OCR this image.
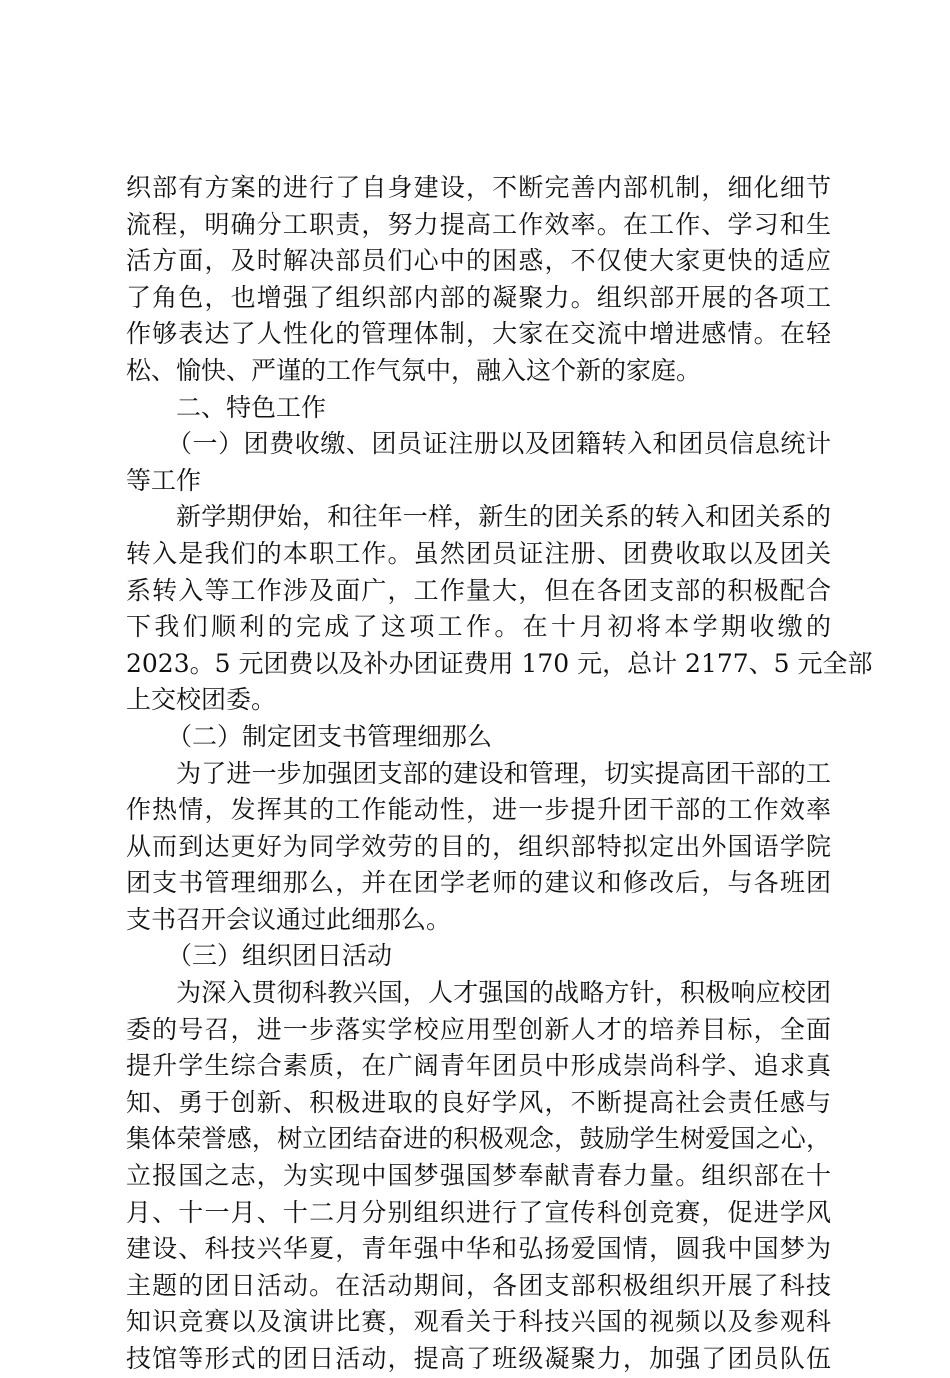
织部有方案的进行了自身建设，不断完善内部机制，细化细节
流程，明确分工职责，努力提高工作效率。在工作、学习和生
活方面，及时解决部员们心中的困惑，不仅使大家更快的适应
了角色，也增强了组织部内部的凝聚力。组织部开展的各项工
作够表达了人性化的管理体制，大家在交流中增进感情。在轻
松、愉快、严谨的工作气氛中，融入这个新的家庭。
二、特色工作
（一）团费收缴、团员证注册以及团籍转入和团员信息统计
等工作
新学期伊始，和往年一样，新生的团关系的转入和团关系的
转入是我们的本职工作。虽然团员证注册、团费收取以及团关
系转入等工作涉及面广，工作量大，但在各团支部的积极配合
下我们顺利的完成了这项工作。在十月初将本学期收缴的
2023。5 元团费以及补办团证费用 170 元，总计 2177、5 元全部
上交校团委。
（二）制定团支书管理细那么
为了进一步加强团支部的建设和管理，切实提高团干部的工
作热情，发挥其的工作能动性，进一步提升团干部的工作效率
从而到达更好为同学效劳的目的，组织部特拟定出外国语学院
团支书管理细那么，并在团学老师的建议和修改后，与各班团
支书召开会议通过此细那么。
（三）组织团日活动
为深入贯彻科教兴国，人才强国的战略方针，积极响应校团
委的号召，进一步落实学校应用型创新人才的培养目标，全面
提升学生综合素质，在广阔青年团员中形成崇尚科学、追求真
知、勇于创新、积极进取的良好学风，不断提高社会责任感与
集体荣誉感，树立团结奋进的积极观念，鼓励学生树爱国之心，
立报国之志，为实现中国梦强国梦奉献青春力量。组织部在十
月、十一月、十二月分别组织进行了宣传科创竞赛，促进学风
建设、科技兴华夏，青年强中华和弘扬爱国情，圆我中国梦为
主题的团日活动。在活动期间，各团支部积极组织开展了科技
知识竞赛以及演讲比赛，观看关于科技兴国的视频以及参观科
技馆等形式的团日活动，提高了班级凝聚力，加强了团员队伍
